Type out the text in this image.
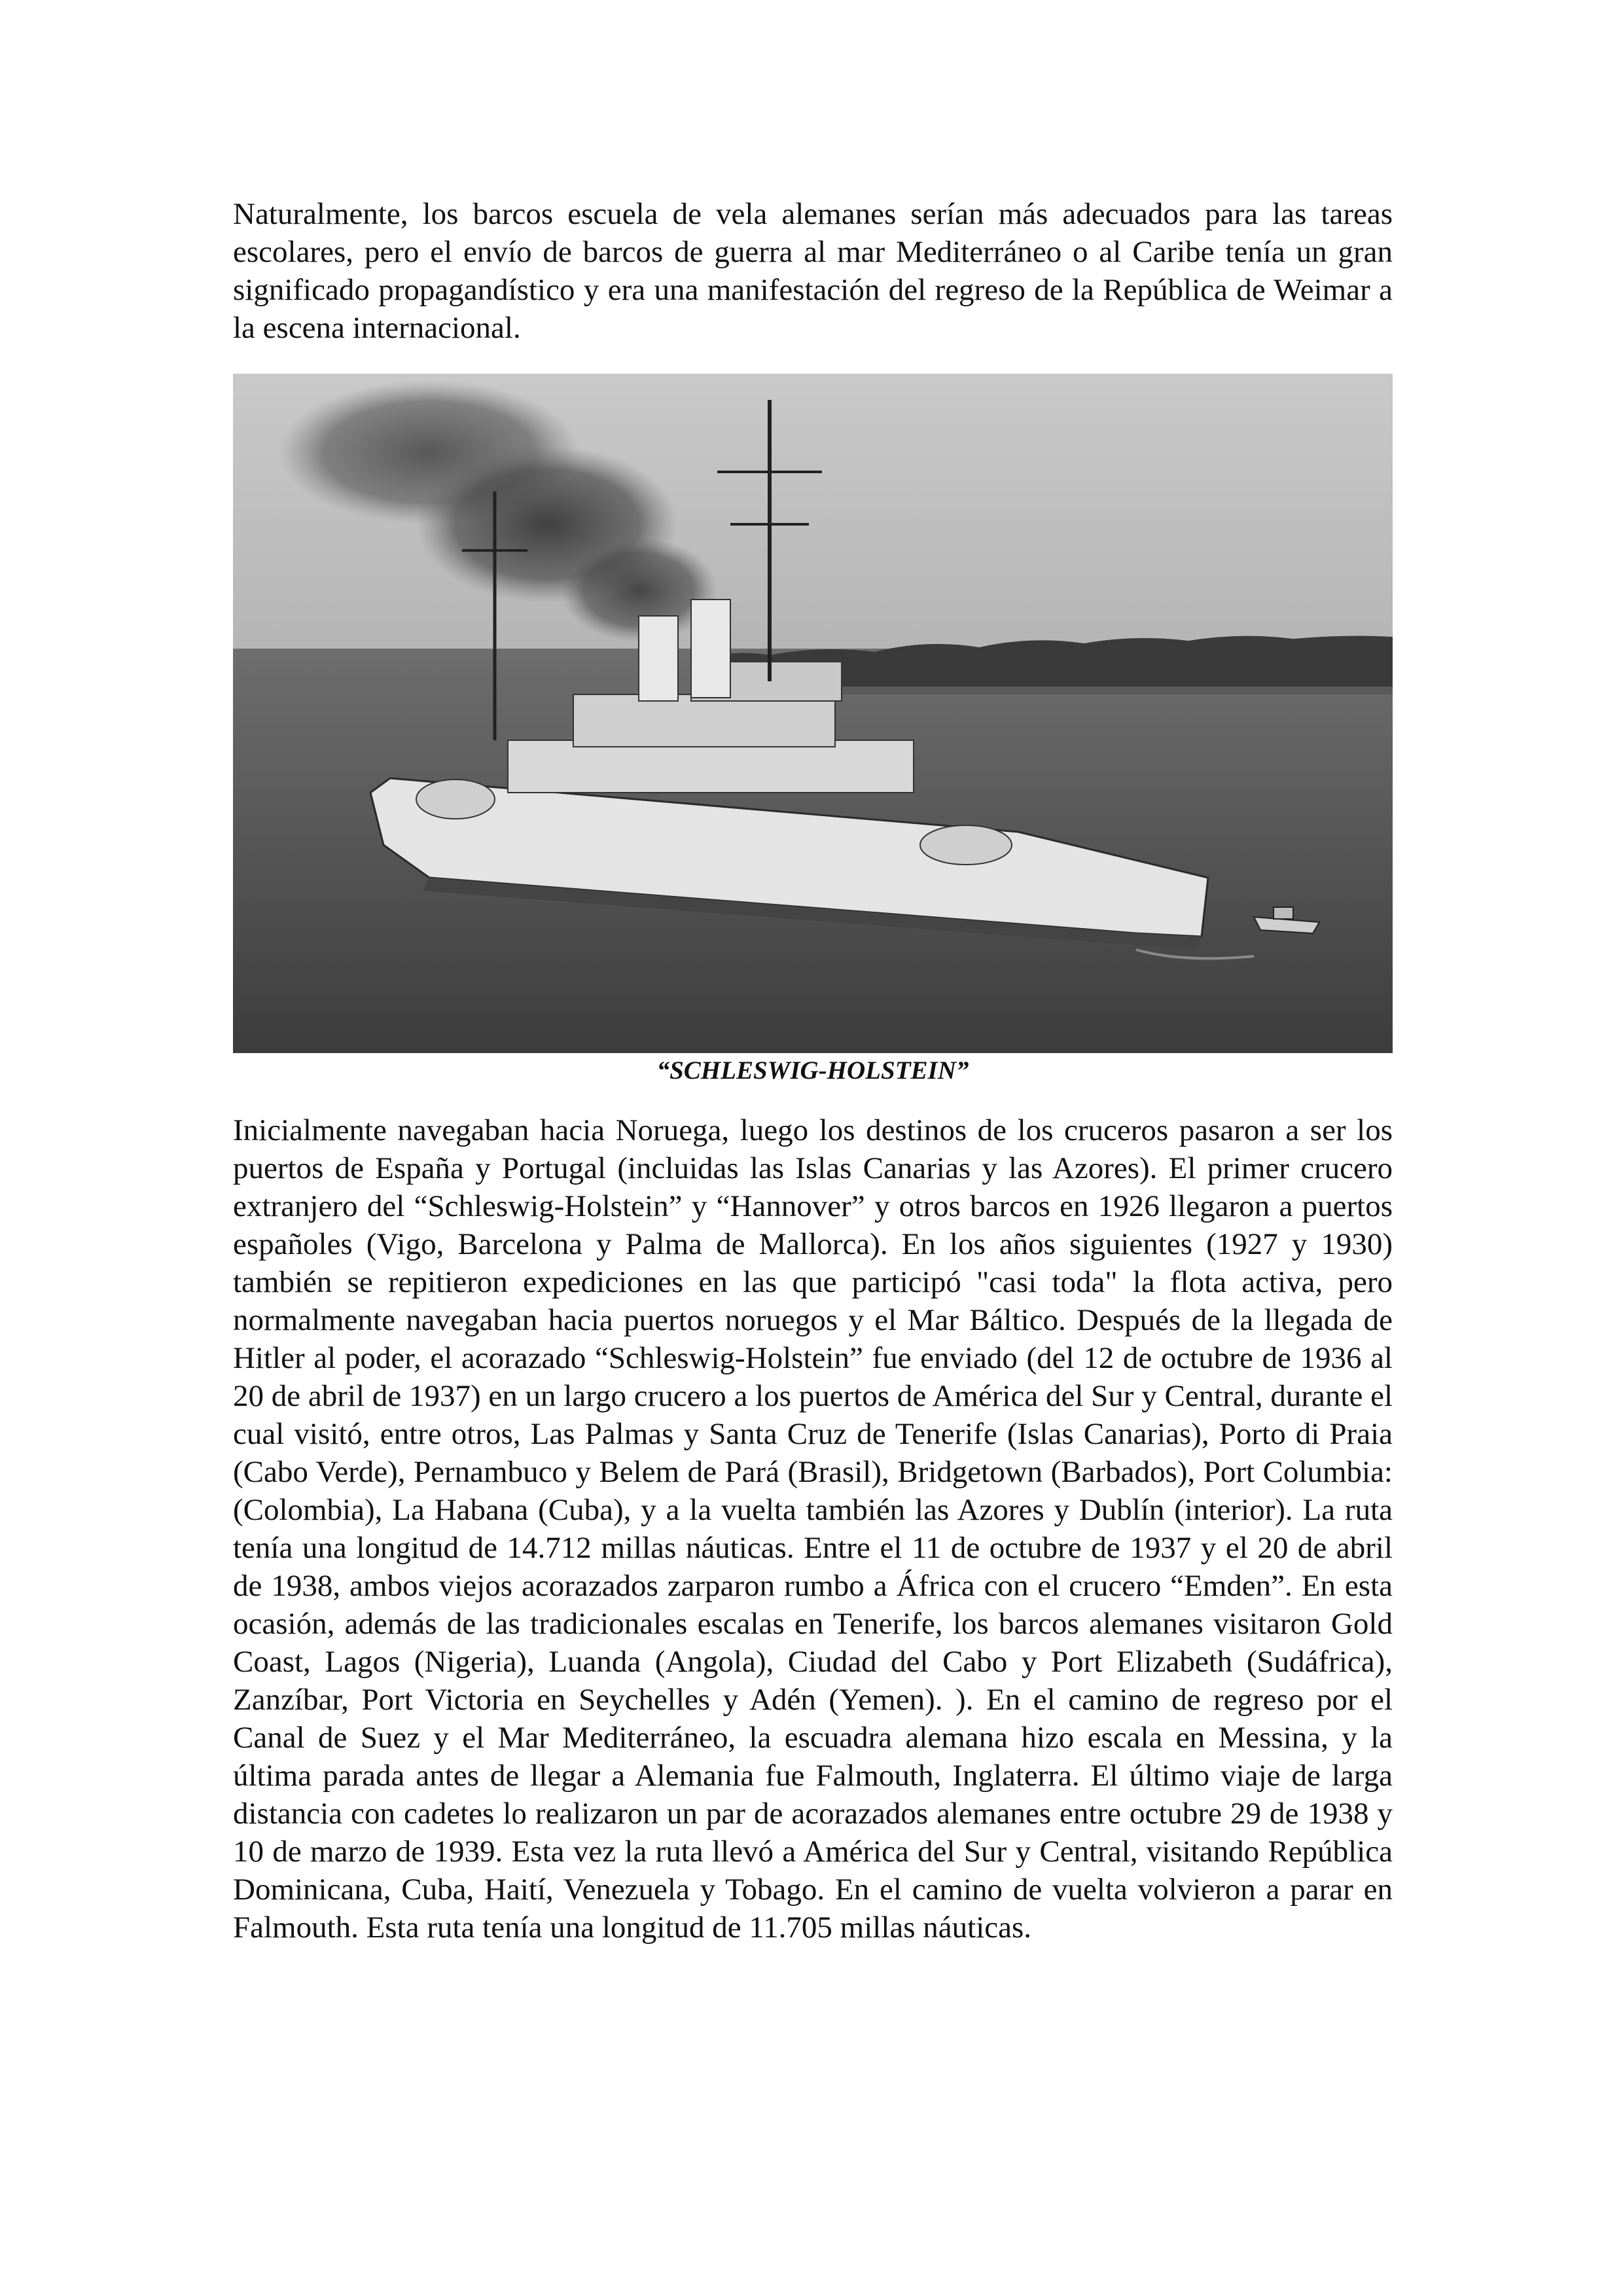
Naturalmente, los barcos escuela de vela alemanes serían más adecuados para las tareas escolares, pero el envío de barcos de guerra al mar Mediterráneo o al Caribe tenía un gran significado propagandístico y era una manifestación del regreso de la República de Weimar a la escena internacional.

“SCHLESWIG-HOLSTEIN”

Inicialmente navegaban hacia Noruega, luego los destinos de los cruceros pasaron a ser los puertos de España y Portugal (incluidas las Islas Canarias y las Azores). El primer crucero extranjero del “Schleswig-Holstein” y “Hannover” y otros barcos en 1926 llegaron a puertos españoles (Vigo, Barcelona y Palma de Mallorca). En los años siguientes (1927 y 1930) también se repitieron expediciones en las que participó "casi toda" la flota activa, pero normalmente navegaban hacia puertos noruegos y el Mar Báltico. Después de la llegada de Hitler al poder, el acorazado “Schleswig-Holstein” fue enviado (del 12 de octubre de 1936 al 20 de abril de 1937) en un largo crucero a los puertos de América del Sur y Central, durante el cual visitó, entre otros, Las Palmas y Santa Cruz de Tenerife (Islas Canarias), Porto di Praia (Cabo Verde), Pernambuco y Belem de Pará (Brasil), Bridgetown (Barbados), Port Columbia: (Colombia), La Habana (Cuba), y a la vuelta también las Azores y Dublín (interior). La ruta tenía una longitud de 14.712 millas náuticas. Entre el 11 de octubre de 1937 y el 20 de abril de 1938, ambos viejos acorazados zarparon rumbo a África con el crucero “Emden”. En esta ocasión, además de las tradicionales escalas en Tenerife, los barcos alemanes visitaron Gold Coast, Lagos (Nigeria), Luanda (Angola), Ciudad del Cabo y Port Elizabeth (Sudáfrica), Zanzíbar, Port Victoria en Seychelles y Adén (Yemen). ). En el camino de regreso por el Canal de Suez y el Mar Mediterráneo, la escuadra alemana hizo escala en Messina, y la última parada antes de llegar a Alemania fue Falmouth, Inglaterra. El último viaje de larga distancia con cadetes lo realizaron un par de acorazados alemanes entre octubre 29 de 1938 y 10 de marzo de 1939. Esta vez la ruta llevó a América del Sur y Central, visitando República Dominicana, Cuba, Haití, Venezuela y Tobago. En el camino de vuelta volvieron a parar en Falmouth. Esta ruta tenía una longitud de 11.705 millas náuticas.
